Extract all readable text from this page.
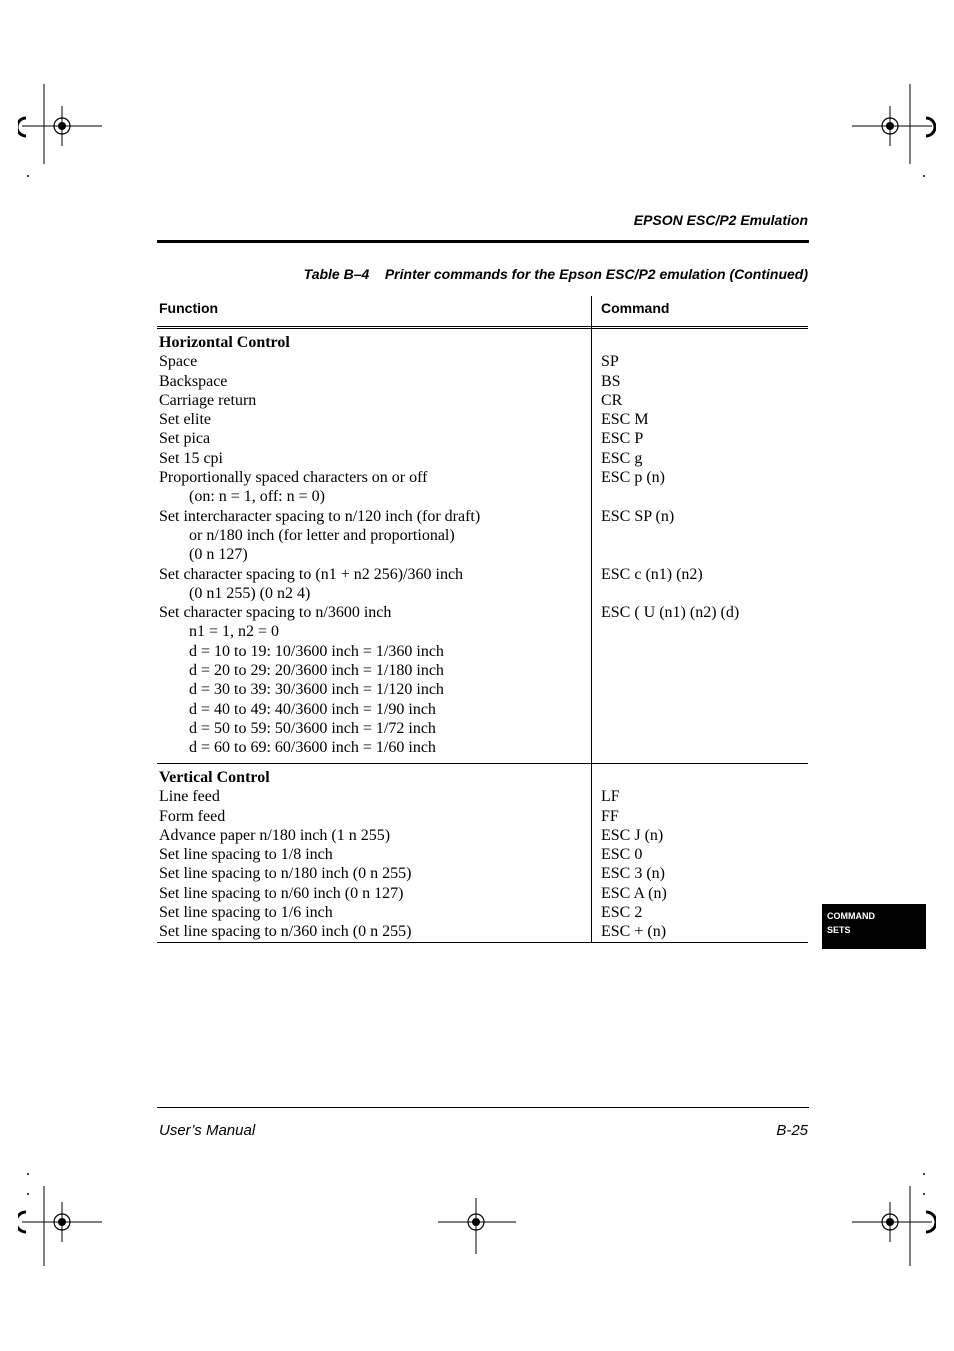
EPSON ESC/P2 Emulation
Table B–4    Printer commands for the Epson ESC/P2 emulation (Continued)
Function	Command
Horizontal Control
Space	SP
Backspace	BS
Carriage return	CR
Set elite	ESC M
Set pica	ESC P
Set 15 cpi	ESC g
Proportionally spaced characters on or off	ESC p (n)
(on: n = 1, off: n = 0)
Set intercharacter spacing to n/120 inch (for draft)	ESC SP (n)
or n/180 inch (for letter and proportional)
(0 n 127)
Set character spacing to (n1 + n2 256)/360 inch	ESC c (n1) (n2)
(0 n1 255) (0 n2 4)
Set character spacing to n/3600 inch	ESC ( U (n1) (n2) (d)
n1 = 1, n2 = 0
d = 10 to 19: 10/3600 inch = 1/360 inch
d = 20 to 29: 20/3600 inch = 1/180 inch
d = 30 to 39: 30/3600 inch = 1/120 inch
d = 40 to 49: 40/3600 inch = 1/90 inch
d = 50 to 59: 50/3600 inch = 1/72 inch
d = 60 to 69: 60/3600 inch = 1/60 inch
Vertical Control
Line feed	LF
Form feed	FF
Advance paper n/180 inch (1 n 255)	ESC J (n)
Set line spacing to 1/8 inch	ESC 0
Set line spacing to n/180 inch (0 n 255)	ESC 3 (n)
Set line spacing to n/60 inch (0 n 127)	ESC A (n)
Set line spacing to 1/6 inch	ESC 2
Set line spacing to n/360 inch (0 n 255)	ESC + (n)
COMMAND
SETS
User’s Manual	B-25
